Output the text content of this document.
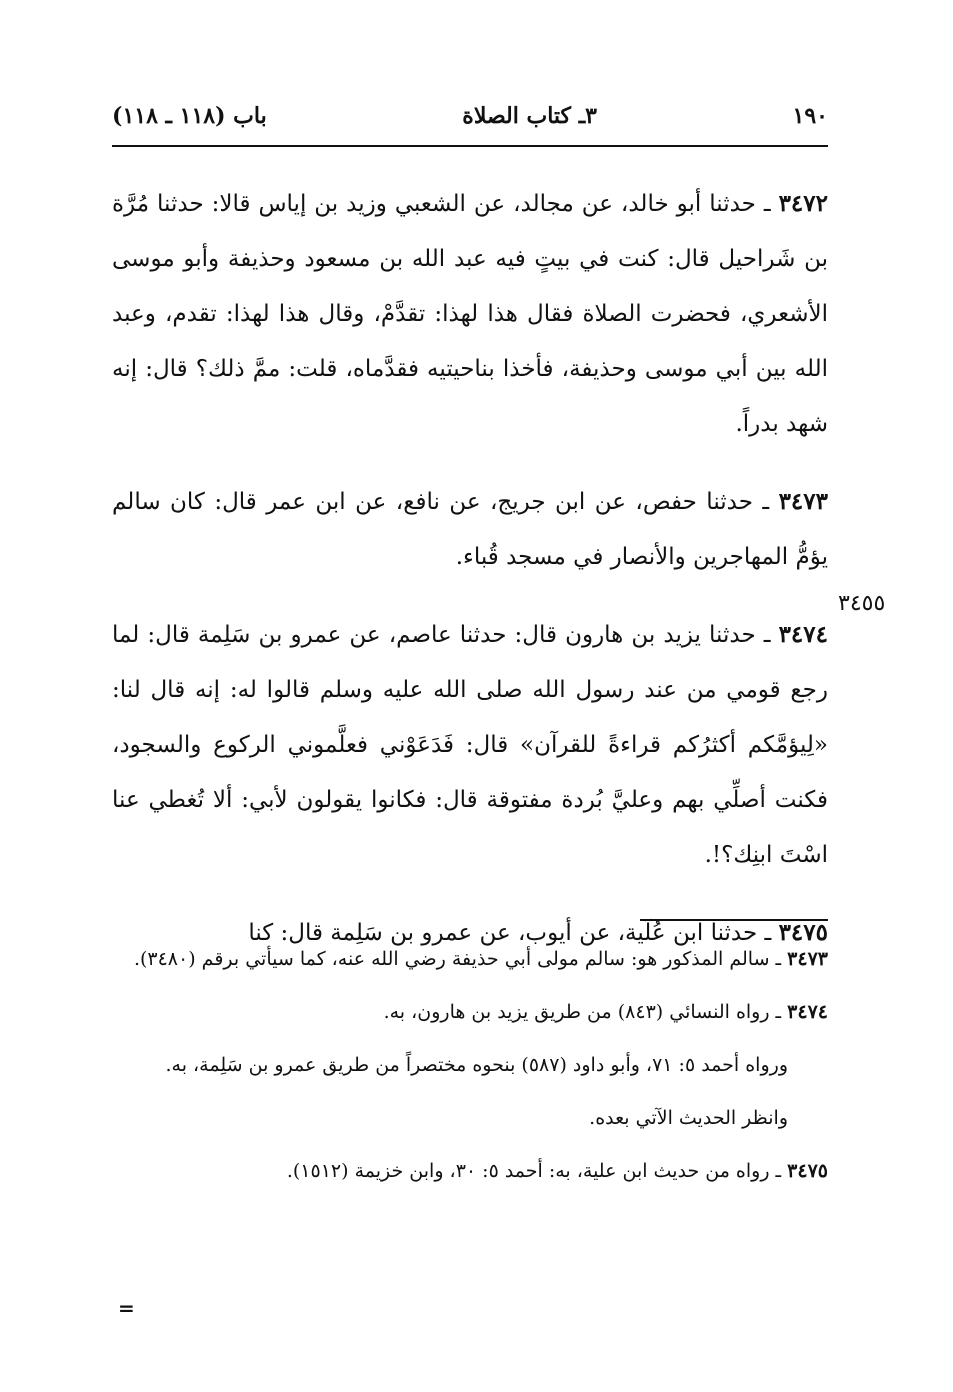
١٩٠
٣ـ كتاب الصلاة
باب (١١٨ ـ ١١٨)

٣٤٧٢ ـ حدثنا أبو خالد، عن مجالد، عن الشعبي وزيد بن إياس قالا: حدثنا مُرَّة بن شَراحيل قال: كنت في بيتٍ فيه عبد الله بن مسعود وحذيفة وأبو موسى الأشعري، فحضرت الصلاة فقال هذا لهذا: تقدَّمْ، وقال هذا لهذا: تقدم، وعبد الله بين أبي موسى وحذيفة، فأخذا بناحيتيه فقدَّماه، قلت: ممَّ ذلك؟ قال: إنه شهد بدراً.

٣٤٧٣ ـ حدثنا حفص، عن ابن جريج، عن نافع، عن ابن عمر قال: كان سالم يؤمُّ المهاجرين والأنصار في مسجد قُباء.

٣٤٧٤ ـ حدثنا يزيد بن هارون قال: حدثنا عاصم، عن عمرو بن سَلِمة قال: لما رجع قومي من عند رسول الله صلى الله عليه وسلم قالوا له: إنه قال لنا: «لِيؤمَّكم أكثرُكم قراءةً للقرآن» قال: فَدَعَوْني فعلَّموني الركوع والسجود، فكنت أصلِّي بهم وعليَّ بُردة مفتوقة قال: فكانوا يقولون لأبي: ألا تُغطي عنا اسْتَ ابنِك؟!.

٣٤٧٥ ـ حدثنا ابن عُلَية، عن أيوب، عن عمرو بن سَلِمة قال: كنا

٣٤٥٥

٣٤٧٣ ـ سالم المذكور هو: سالم مولى أبي حذيفة رضي الله عنه، كما سيأتي برقم (٣٤٨٠).

٣٤٧٤ ـ رواه النسائي (٨٤٣) من طريق يزيد بن هارون، به.

ورواه أحمد ٥: ٧١، وأبو داود (٥٨٧) بنحوه مختصراً من طريق عمرو بن سَلِمة، به.

وانظر الحديث الآتي بعده.

٣٤٧٥ ـ رواه من حديث ابن علية، به: أحمد ٥: ٣٠، وابن خزيمة (١٥١٢).

=
